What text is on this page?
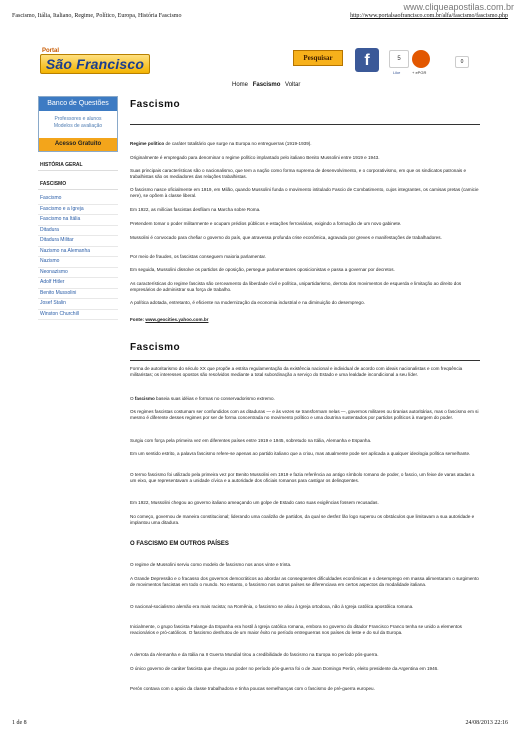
www.cliqueapostilas.com.br
Fascismo, Itália, Italiano, Regime, Político, Europa, História Fascismo	http://www.portalsaofrancisco.com.br/alfa/fascismo/fascismo.php
Portal
São Francisco	Pesquisar	f	5
Like	+ ePGR
0
Home Fascismo Voltar
Banco de Questões
Professores e alunos
Modelos de avaliação
Acesso Gratuito
HISTÓRIA GERAL
FASCISMO
Fascismo
Fascismo e a Igreja
Fascismo na Itália
Ditadura
Ditadura Militar
Nazismo na Alemanha
Nazismo
Neonazismo
Adolf Hitler
Benito Mussolini
Josef Stalin
Winston Churchill
Fascismo
Regime político de caráter totalitário que surge na Europa no entreguerras (1919-1939).
Originalmente é empregado para denominar o regime político implantado pelo italiano Benito Mussolini entre 1919 e 1943.
Suas principais características são o nacionalismo, que tem a nação como forma suprema de desenvolvimento, e o corporativismo, em que os sindicatos patronais e trabalhistas são os mediadores das relações trabalhistas.
O fascismo nasce oficialmente em 1919, em Milão, quando Mussolini funda o movimento intitulado Fascio de Combatimento, cujos integrantes, os camisas pretas (camicie nere), se opõem à classe liberal.
Em 1922, as milícias fascistas desfilam na Marcha sobre Roma.
Pretendem tomar o poder militarmente e ocupam prédios públicos e estações ferroviárias, exigindo a formação de um novo gabinete.
Mussolini é convocado para chefiar o governo do país, que atravessa profunda crise econômica, agravada por greves e manifestações de trabalhadores.
Por meio de fraudes, os fascistas conseguem maioria parlamentar.
Em seguida, Mussolini dissolve os partidos de oposição, persegue parlamentares oposicionistas e passa a governar por decretos.
As características do regime fascista são cerceamento da liberdade civil e política, unipartidarismo, derrota dos movimentos de esquerda e limitação ao direito dos empresários de administrar sua força de trabalho.
A política adotada, entretanto, é eficiente na modernização da economia industrial e na diminuição do desemprego.
Fonte: www.geocities.yahoo.com.br
Fascismo
Forma de autoritarismo do século XX que propõe a estrita regulamentação da existência nacional e individual de acordo com ideais nacionalistas e com freqüência militaristas; os interesses opostos são resolvidos mediante a total subordinação a serviço do Estado e uma lealdade incondicional a seu líder.
O fascismo baseia suas idéias e formas no conservadorismo extremo.
Os regimes fascistas costumam ser confundidos com as ditaduras — e às vezes se transformam nelas —, governos militares ou tiranias autoritárias, mas o fascismo em si mesmo é diferente desses regimes por ser de forma concentrada no movimento político e uma doutrina sustentados por partidos políticos à margem do poder.
Surgiu com força pela primeira vez em diferentes países entre 1919 e 1945, sobretudo na Itália, Alemanha e Espanha.
Em um sentido estrito, a palavra fascismo refere-se apenas ao partido italiano que a criou, mas atualmente pode ser aplicada a qualquer ideologia política semelhante.
O termo fascismo foi utilizado pela primeira vez por Benito Mussolini em 1919 e fazia referência ao antigo símbolo romano de poder, o fascio, um feixe de varas atadas a um eixo, que representavam a unidade cívica e a autoridade dos oficiais romanos para castigar os delinqüentes.
Em 1922, Mussolini chegou ao governo italiano ameaçando um golpe de Estado caso suas exigências fossem recusadas.
No começo, governou de maneira constitucional; liderando uma coalizão de partidos, da qual se desfez lão logo superou os obstáculos que limitavam a sua autoridade e implantou uma ditadura.
O FASCISMO EM OUTROS PAÍSES
O regime de Mussolini serviu como modelo de fascismo nos anos vinte e trinta.
A Grande Depressão e o fracasso dos governos democráticos ao abordar as conseqüentes dificuldades econômicas e o desemprego em massa alimentaram o surgimento de movimentos fascistas em todo o mundo. No entanto, o fascismo nos outros países se diferenciava em certos aspectos da modalidade italiana.
O nacional-socialismo alemão era mais racista; na Romênia, o fascismo se aliou à Igreja ortodoxa, não à Igreja católica apostólica romana.
Inicialmente, o grupo fascista Falange da Espanha era hostil à Igreja católica romana, embora no governo do ditador Francisco Franco tenha se unido a elementos reacionários e pró-católicos. O fascismo desfrutou de um maior êxito no período entreguerras nos países do leste e do sul da Europa.
A derrota da Alemanha e da Itália na II Guerra Mundial tirou a credibilidade do fascismo na Europa no período pós-guerra.
O único governo de caráter fascista que chegou ao poder no período pós-guerra foi o de Juan Domingo Perón, eleito presidente da Argentina em 1946.
Perón contava com o apoio da classe trabalhadora e tinha poucas semelhanças com o fascismo de pré-guerra europeu.
1 de 8	24/08/2013 22:16
